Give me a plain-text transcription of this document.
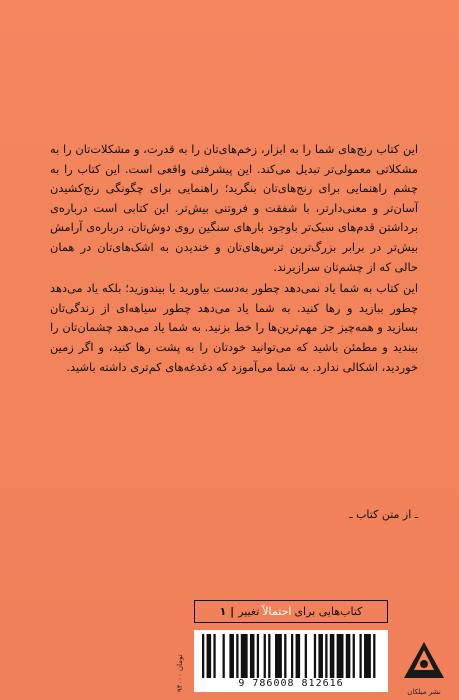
این کتاب رنج‌های شما را به ابزار، زخم‌های‌تان را به قدرت، و مشکلات‌تان را به مشکلاتی معمولی‌تر تبدیل می‌کند. این پیشرفتی واقعی است. این کتاب را به چشم راهنمایی برای رنج‌های‌تان بنگرید؛ راهنمایی برای چگونگی رنج‌کشیدن آسان‌تر و معنی‌دارتر، با شفقت و فروتنی بیش‌تر. این کتابی است درباره‌ی برداشتن قدم‌های سبک‌تر باوجود بارهای سنگین روی دوش‌تان، درباره‌ی آرامش بیش‌تر در برابر بزرگ‌ترین ترس‌های‌تان و خندیدن به اشک‌های‌تان در همان حالی که از چشم‌تان سرازیرند.

این کتاب به شما یاد نمی‌دهد چطور به‌دست بیاورید یا بیندوزید؛ بلکه یاد می‌دهد چطور ببازید و رها کنید. به شما یاد می‌دهد چطور سیاهه‌ای از زندگی‌تان بسازید و همه‌چیز جز مهم‌ترین‌ها را خط بزنید. به شما یاد می‌دهد چشمان‌تان را ببندید و مطمئن باشید که می‌توانید خودتان را به پشت رها کنید، و اگر زمین خوردید، اشکالی ندارد. به شما می‌آموزد که دغدغه‌های کم‌تری داشته باشید.

ـ از متن کتاب ـ
کتاب‌هایی برای
احتمالاً
تغییر
| ۱
۹۴۰۰۰ تومان
9 786008 812616
نشر میلکان
